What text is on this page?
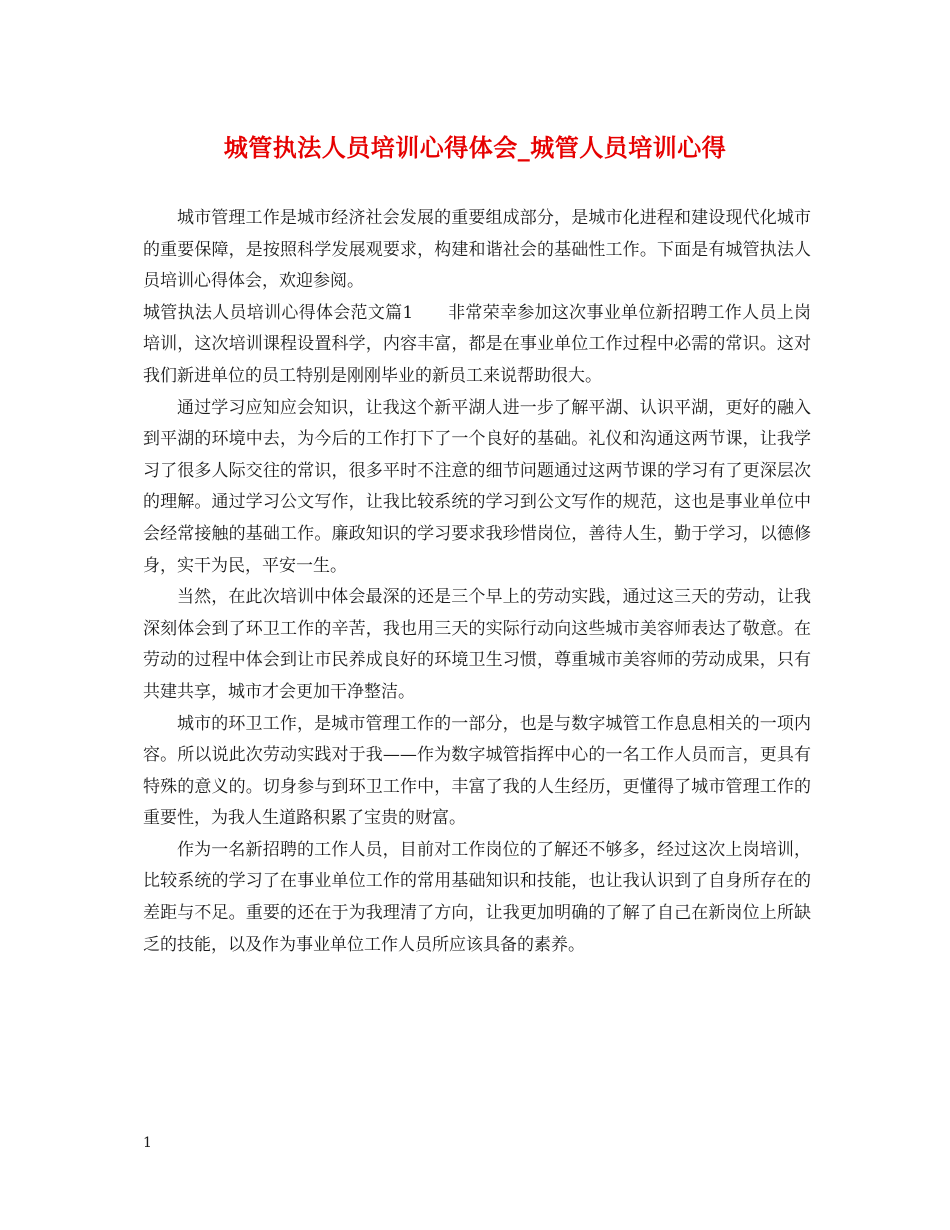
城管执法人员培训心得体会_城管人员培训心得

城市管理工作是城市经济社会发展的重要组成部分，是城市化进程和建设现代化城市的重要保障，是按照科学发展观要求，构建和谐社会的基础性工作。下面是有城管执法人员培训心得体会，欢迎参阅。

城管执法人员培训心得体会范文篇1　　非常荣幸参加这次事业单位新招聘工作人员上岗培训，这次培训课程设置科学，内容丰富，都是在事业单位工作过程中必需的常识。这对我们新进单位的员工特别是刚刚毕业的新员工来说帮助很大。

通过学习应知应会知识，让我这个新平湖人进一步了解平湖、认识平湖，更好的融入到平湖的环境中去，为今后的工作打下了一个良好的基础。礼仪和沟通这两节课，让我学习了很多人际交往的常识，很多平时不注意的细节问题通过这两节课的学习有了更深层次的理解。通过学习公文写作，让我比较系统的学习到公文写作的规范，这也是事业单位中会经常接触的基础工作。廉政知识的学习要求我珍惜岗位，善待人生，勤于学习，以德修身，实干为民，平安一生。

当然，在此次培训中体会最深的还是三个早上的劳动实践，通过这三天的劳动，让我深刻体会到了环卫工作的辛苦，我也用三天的实际行动向这些城市美容师表达了敬意。在劳动的过程中体会到让市民养成良好的环境卫生习惯，尊重城市美容师的劳动成果，只有共建共享，城市才会更加干净整洁。

城市的环卫工作，是城市管理工作的一部分，也是与数字城管工作息息相关的一项内容。所以说此次劳动实践对于我——作为数字城管指挥中心的一名工作人员而言，更具有特殊的意义的。切身参与到环卫工作中，丰富了我的人生经历，更懂得了城市管理工作的重要性，为我人生道路积累了宝贵的财富。

作为一名新招聘的工作人员，目前对工作岗位的了解还不够多，经过这次上岗培训，比较系统的学习了在事业单位工作的常用基础知识和技能，也让我认识到了自身所存在的差距与不足。重要的还在于为我理清了方向，让我更加明确的了解了自己在新岗位上所缺乏的技能，以及作为事业单位工作人员所应该具备的素养。

1
